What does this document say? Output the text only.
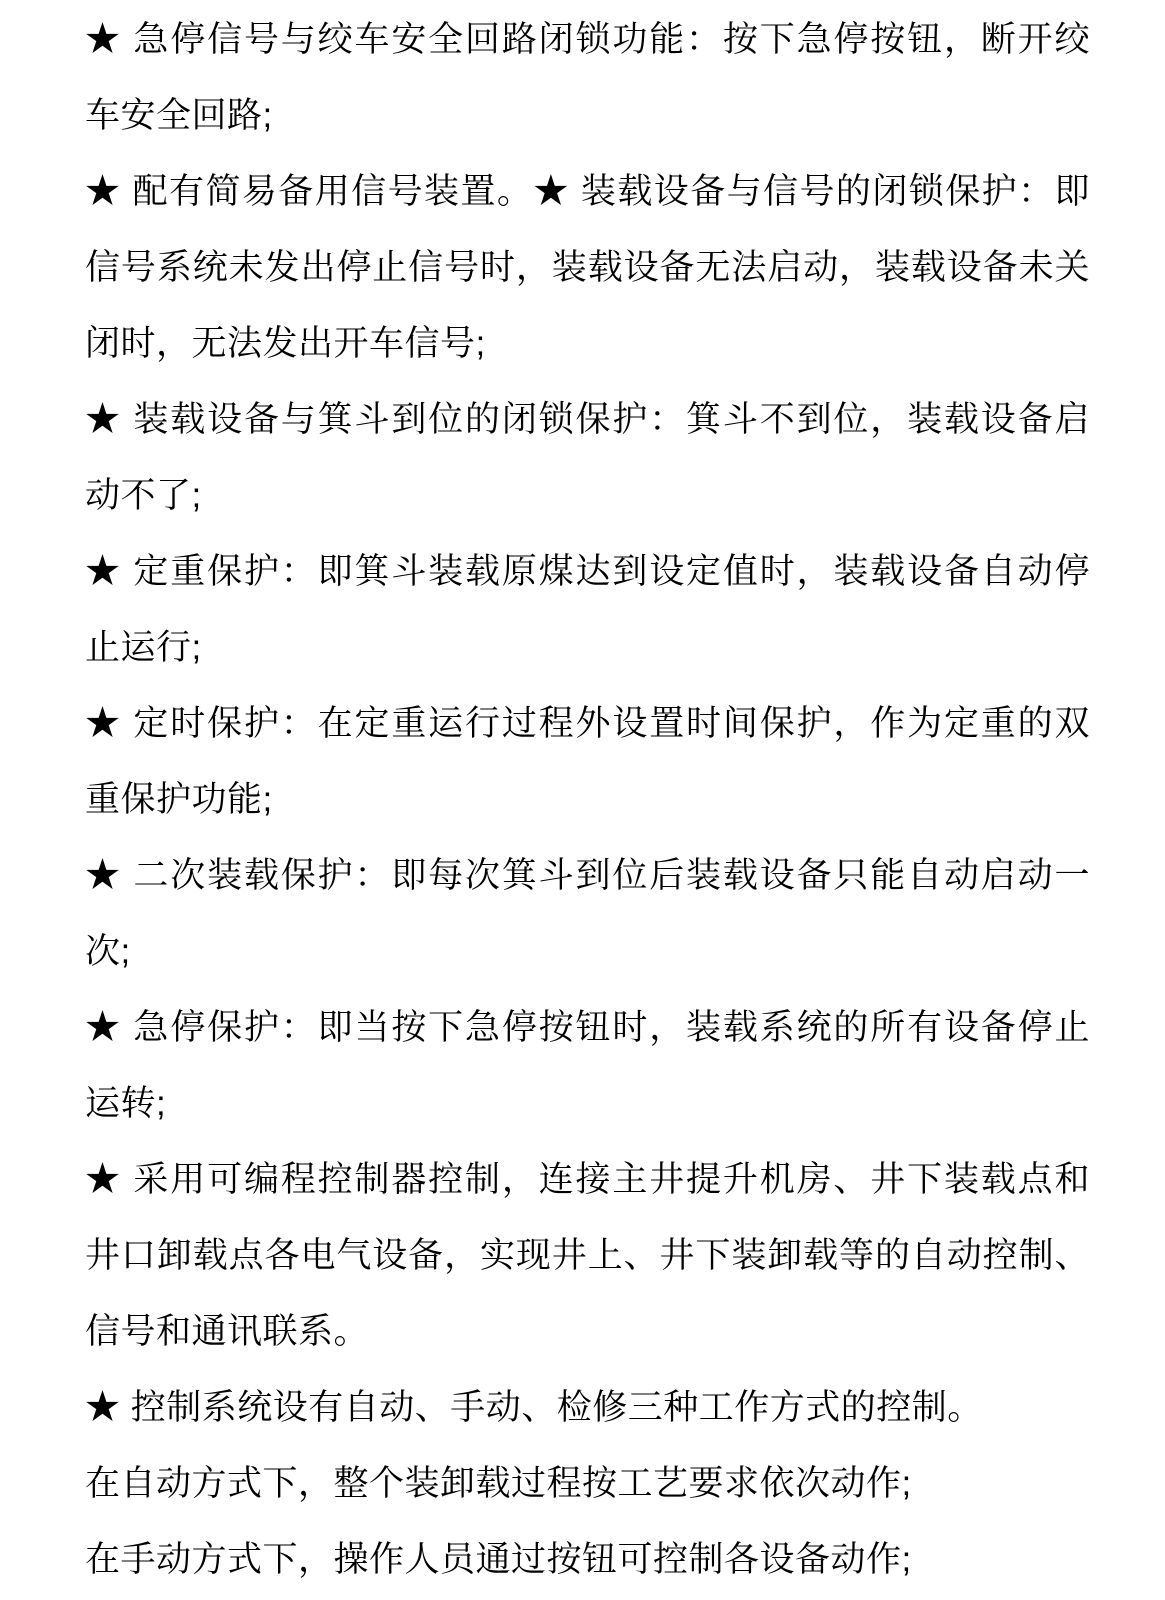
★ 急停信号与绞车安全回路闭锁功能：按下急停按钮，断开绞
车安全回路;
★ 配有简易备用信号装置。★ 装载设备与信号的闭锁保护：即
信号系统未发出停止信号时，装载设备无法启动，装载设备未关
闭时，无法发出开车信号;
★ 装载设备与箕斗到位的闭锁保护：箕斗不到位，装载设备启
动不了;
★ 定重保护：即箕斗装载原煤达到设定值时，装载设备自动停
止运行;
★ 定时保护：在定重运行过程外设置时间保护，作为定重的双
重保护功能;
★ 二次装载保护：即每次箕斗到位后装载设备只能自动启动一
次;
★ 急停保护：即当按下急停按钮时，装载系统的所有设备停止
运转;
★ 采用可编程控制器控制，连接主井提升机房、井下装载点和
井口卸载点各电气设备，实现井上、井下装卸载等的自动控制、
信号和通讯联系。
★ 控制系统设有自动、手动、检修三种工作方式的控制。
在自动方式下，整个装卸载过程按工艺要求依次动作;
在手动方式下，操作人员通过按钮可控制各设备动作;
